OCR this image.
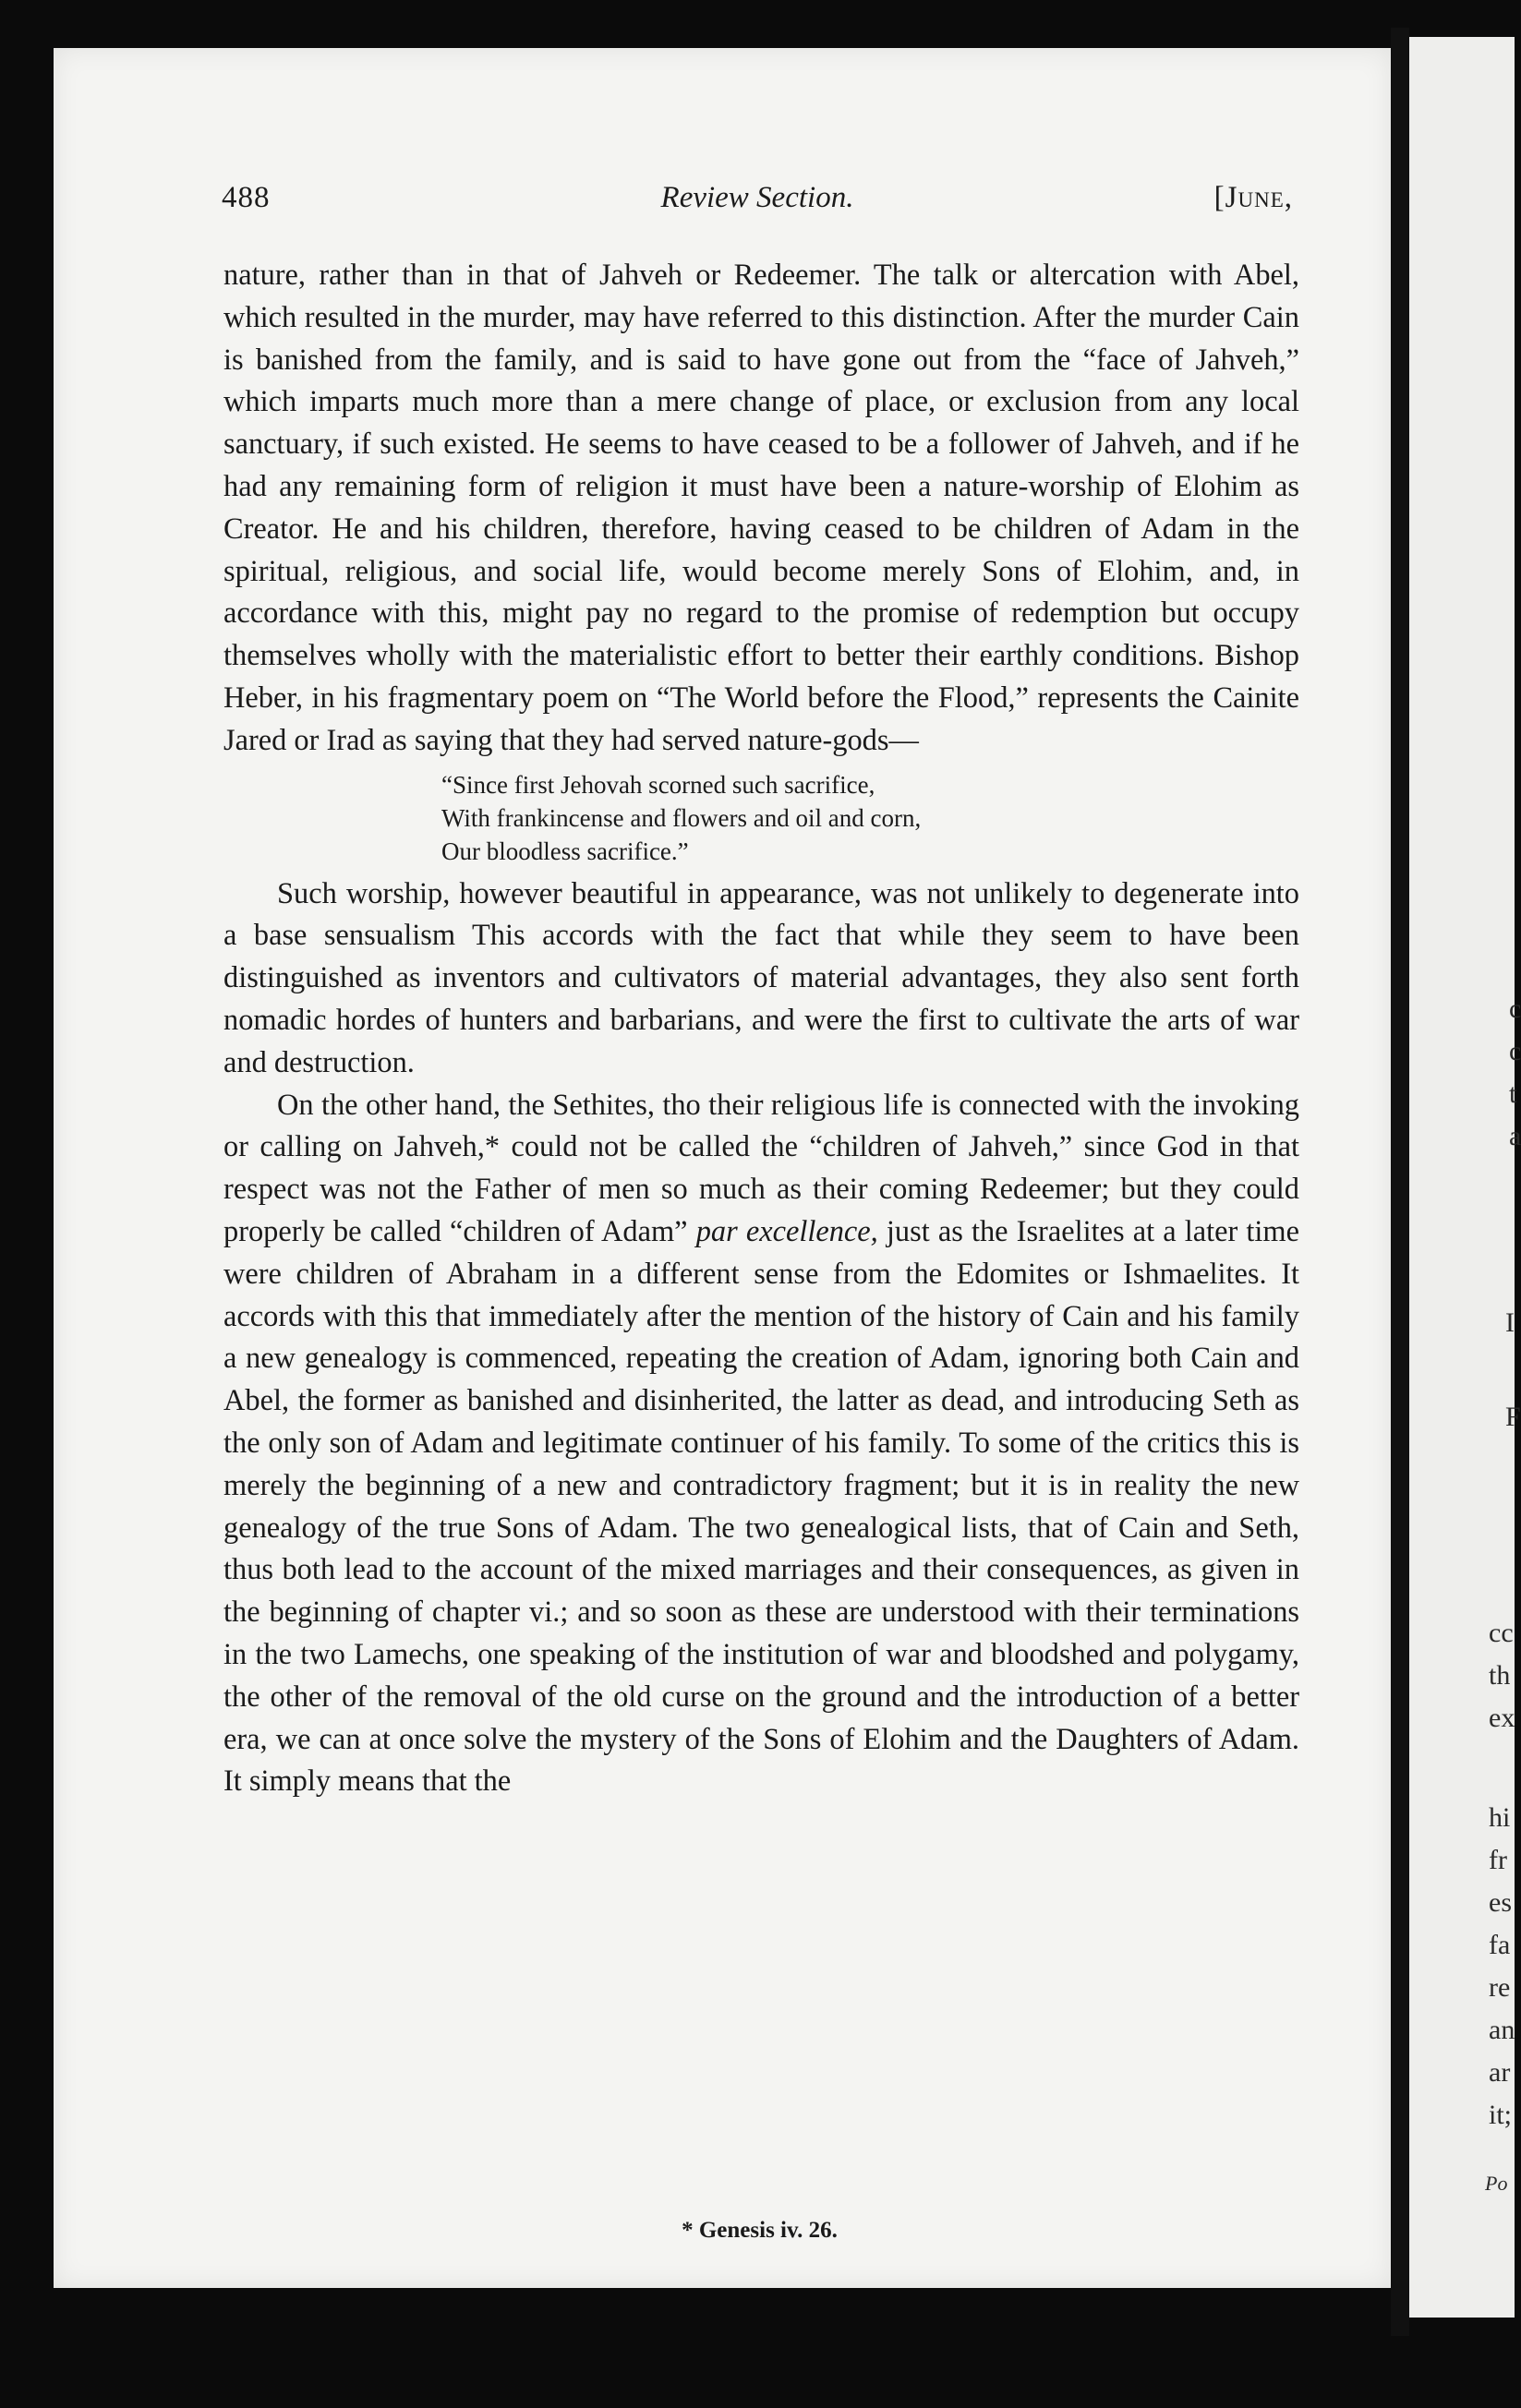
c
c
t
a
I
F
cc
th
ex
hi
fr
es
fa
re
an
ar
it;
Po
488	Review Section.	[June,

nature, rather than in that of Jahveh or Redeemer. The talk or altercation with Abel, which resulted in the murder, may have referred to this distinction. After the murder Cain is banished from the family, and is said to have gone out from the “face of Jahveh,” which imparts much more than a mere change of place, or exclusion from any local sanctuary, if such existed. He seems to have ceased to be a follower of Jahveh, and if he had any remaining form of religion it must have been a nature-worship of Elohim as Creator. He and his children, therefore, having ceased to be children of Adam in the spiritual, religious, and social life, would become merely Sons of Elohim, and, in accordance with this, might pay no regard to the promise of redemption but occupy themselves wholly with the materialistic effort to better their earthly conditions. Bishop Heber, in his fragmentary poem on “The World before the Flood,” represents the Cainite Jared or Irad as saying that they had served nature-gods—

“Since first Jehovah scorned such sacrifice,
With frankincense and flowers and oil and corn,
Our bloodless sacrifice.”

Such worship, however beautiful in appearance, was not unlikely to degenerate into a base sensualism This accords with the fact that while they seem to have been distinguished as inventors and cultivators of material advantages, they also sent forth nomadic hordes of hunters and barbarians, and were the first to cultivate the arts of war and destruction.

On the other hand, the Sethites, tho their religious life is connected with the invoking or calling on Jahveh,* could not be called the “children of Jahveh,” since God in that respect was not the Father of men so much as their coming Redeemer; but they could properly be called “children of Adam” par excellence, just as the Israelites at a later time were children of Abraham in a different sense from the Edomites or Ishmaelites. It accords with this that immediately after the mention of the history of Cain and his family a new genealogy is commenced, repeating the creation of Adam, ignoring both Cain and Abel, the former as banished and disinherited, the latter as dead, and introducing Seth as the only son of Adam and legitimate continuer of his family. To some of the critics this is merely the beginning of a new and contradictory fragment; but it is in reality the new genealogy of the true Sons of Adam. The two genealogical lists, that of Cain and Seth, thus both lead to the account of the mixed marriages and their consequences, as given in the beginning of chapter vi.; and so soon as these are understood with their terminations in the two Lamechs, one speaking of the institution of war and bloodshed and polygamy, the other of the removal of the old curse on the ground and the introduction of a better era, we can at once solve the mystery of the Sons of Elohim and the Daughters of Adam. It simply means that the

* Genesis iv. 26.
